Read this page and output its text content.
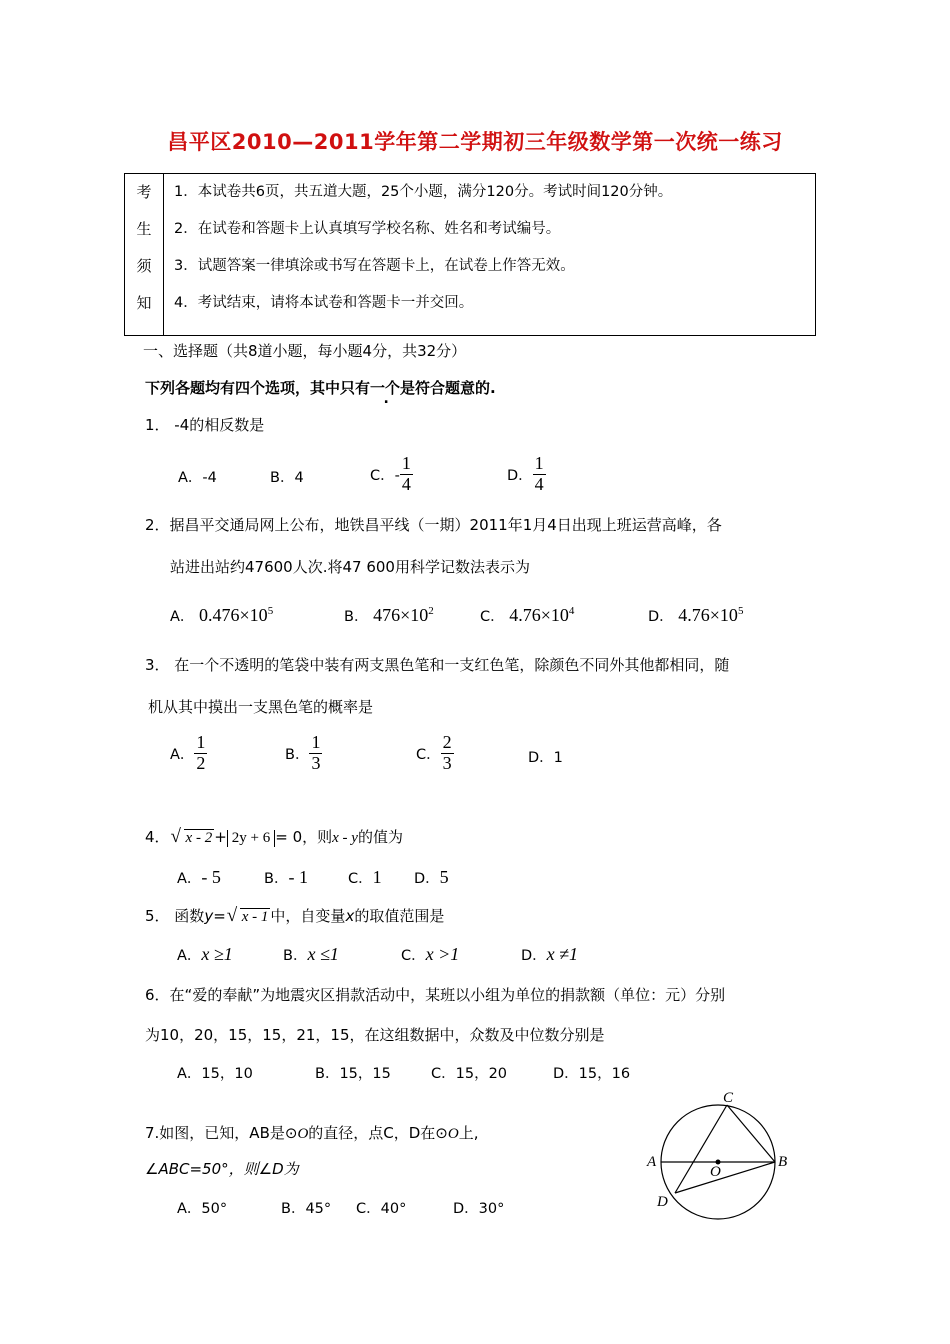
昌平区2010—2011学年第二学期初三年级数学第一次统一练习
考
生
须
知

1．本试卷共6页，共五道大题，25个小题，满分120分。考试时间120分钟。
2．在试卷和答题卡上认真填写学校名称、姓名和考试编号。
3．试题答案一律填涂或书写在答题卡上，在试卷上作答无效。
4．考试结束，请将本试卷和答题卡一并交回。
一、选择题（共8道小题，每小题4分，共32分）
下列各题均有四个选项，其中只有一个是符合题意的.
1． -4的相反数是
A．-4	B．4	C．- $\frac{1}{4}$	D． $\frac{1}{4}$
2．据昌平交通局网上公布，地铁昌平线（一期）2011年1月4日出现上班运营高峰，各
站进出站约47600人次.将47 600用科学记数法表示为
A． $0.476\times 10^5$	B． $476\times 10^2$	C． $4.76\times 10^4$	D． $4.76\times 10^5$
3． 在一个不透明的笔袋中装有两支黑色笔和一支红色笔，除颜色不同外其他都相同，随
机从其中摸出一支黑色笔的概率是
A． $\frac{1}{2}$	B． $\frac{1}{3}$	C． $\frac{2}{3}$	D．1
4． √ x - 2 + 2y + 6 = 0，则x - y的值为
A．- 5	B．- 1	C．1 D．5
5． 函数y= √ x - 1 中，自变量x的取值范围是
A．x ≥1	B．x ≤1	C．x >1	D．x ≠1
6．在“爱的奉献”为地震灾区捐款活动中，某班以小组为单位的捐款额（单位：元）分别
为10，20，15，15，21，15，在这组数据中，众数及中位数分别是
A．15，10	B．15，15	C．15，20	D．15，16
7.如图，已知，AB是⊙O的直径，点C，D在⊙O上,
∠ABC=50°，则∠D为
A．50°	B．45° C．40°	D．30°
C
A	B
O
D
